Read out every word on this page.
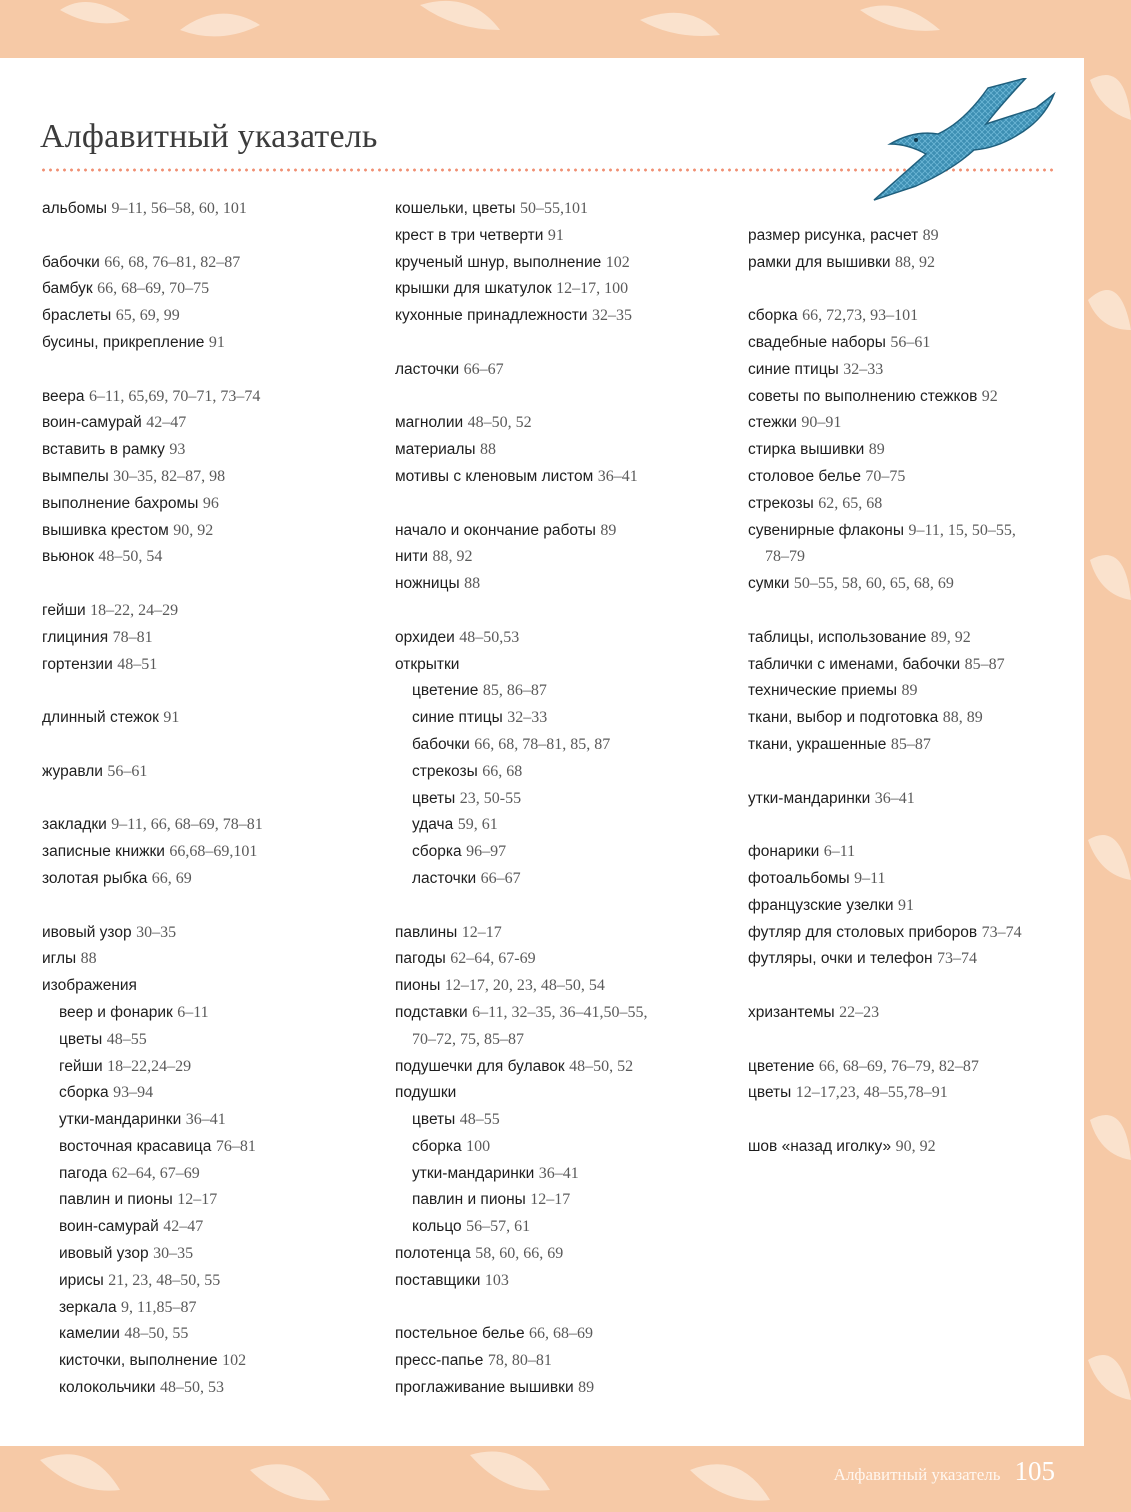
Алфавитный указатель
альбомы 9–11, 56–58, 60, 101
бабочки 66, 68, 76–81, 82–87
бамбук 66, 68–69, 70–75
браслеты 65, 69, 99
бусины, прикрепление 91
веера 6–11, 65,69, 70–71, 73–74
воин-самурай 42–47
вставить в рамку 93
вымпелы 30–35, 82–87, 98
выполнение бахромы 96
вышивка крестом 90, 92
вьюнок 48–50, 54
гейши 18–22, 24–29
глициния 78–81
гортензии 48–51
длинный стежок 91
журавли 56–61
закладки 9–11, 66, 68–69, 78–81
записные книжки 66,68–69,101
золотая рыбка 66, 69
ивовый узор 30–35
иглы 88
изображения
веер и фонарик 6–11
цветы 48–55
гейши 18–22,24–29
сборка 93–94
утки-мандаринки 36–41
восточная красавица 76–81
пагода 62–64, 67–69
павлин и пионы 12–17
воин-самурай 42–47
ивовый узор 30–35
ирисы 21, 23, 48–50, 55
зеркала 9, 11,85–87
камелии 48–50, 55
кисточки, выполнение 102
колокольчики 48–50, 53
кошельки, цветы 50–55,101
крест в три четверти 91
крученый шнур, выполнение 102
крышки для шкатулок 12–17, 100
кухонные принадлежности 32–35
ласточки 66–67
магнолии 48–50, 52
материалы 88
мотивы с кленовым листом 36–41
начало и окончание работы 89
нити 88, 92
ножницы 88
орхидеи 48–50,53
открытки
цветение 85, 86–87
синие птицы 32–33
бабочки 66, 68, 78–81, 85, 87
стрекозы 66, 68
цветы 23, 50-55
удача 59, 61
сборка 96–97
ласточки 66–67
павлины 12–17
пагоды 62–64, 67-69
пионы 12–17, 20, 23, 48–50, 54
подставки 6–11, 32–35, 36–41,50–55,
70–72, 75, 85–87
подушечки для булавок 48–50, 52
подушки
цветы 48–55
сборка 100
утки-мандаринки 36–41
павлин и пионы 12–17
кольцо 56–57, 61
полотенца 58, 60, 66, 69
поставщики 103
постельное белье 66, 68–69
пресс-папье 78, 80–81
проглаживание вышивки 89
размер рисунка, расчет 89
рамки для вышивки 88, 92
сборка 66, 72,73, 93–101
свадебные наборы 56–61
синие птицы 32–33
советы по выполнению стежков 92
стежки 90–91
стирка вышивки 89
столовое белье 70–75
стрекозы 62, 65, 68
сувенирные флаконы 9–11, 15, 50–55,
78–79
сумки 50–55, 58, 60, 65, 68, 69
таблицы, использование 89, 92
таблички с именами, бабочки 85–87
технические приемы 89
ткани, выбор и подготовка 88, 89
ткани, украшенные 85–87
утки-мандаринки 36–41
фонарики 6–11
фотоальбомы 9–11
французские узелки 91
футляр для столовых приборов 73–74
футляры, очки и телефон 73–74
хризантемы 22–23
цветение 66, 68–69, 76–79, 82–87
цветы 12–17,23, 48–55,78–91
шов «назад иголку» 90, 92
Алфавитный указатель 105
